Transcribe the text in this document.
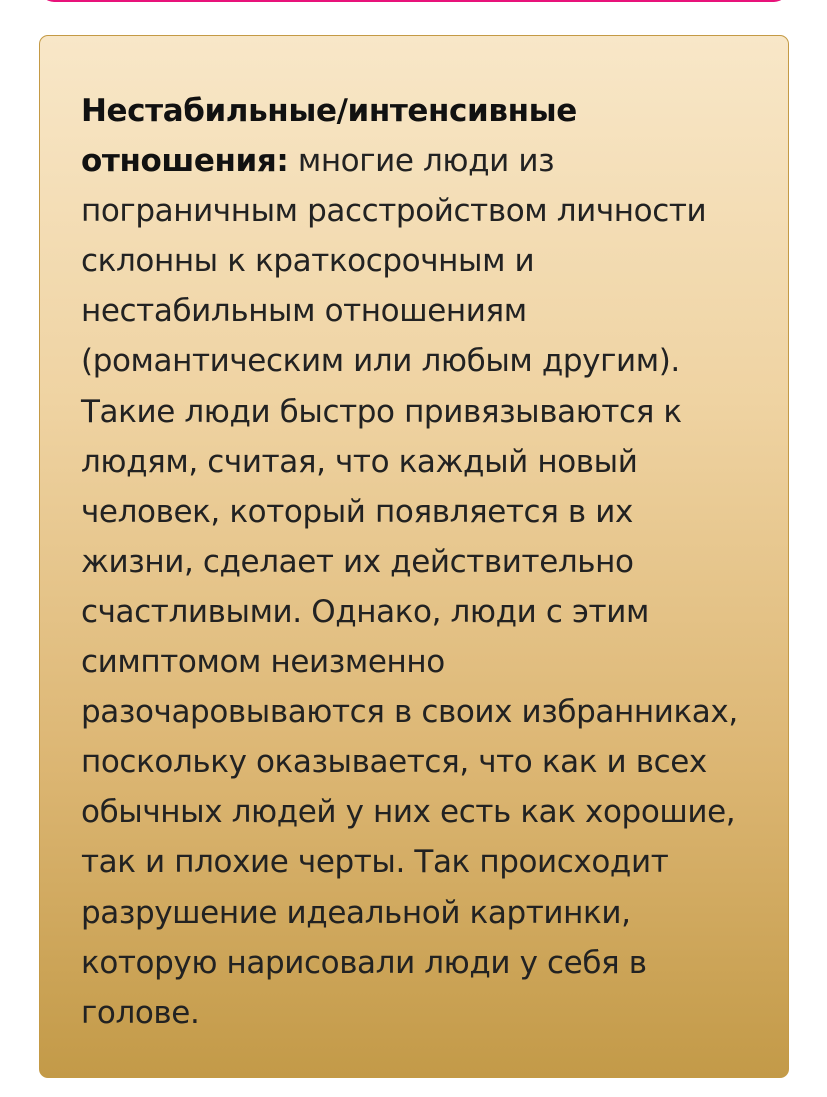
Нестабильные/интенсивные отношения: многие люди из пограничным расстройством личности склонны к краткосрочным и нестабильным отношениям (романтическим или любым другим). Такие люди быстро привязываются к людям, считая, что каждый новый человек, который появляется в их жизни, сделает их действительно счастливыми. Однако, люди с этим симптомом неизменно разочаровываются в своих избранниках, поскольку оказывается, что как и всех обычных людей у них есть как хорошие, так и плохие черты. Так происходит разрушение идеальной картинки, которую нарисовали люди у себя в голове.
